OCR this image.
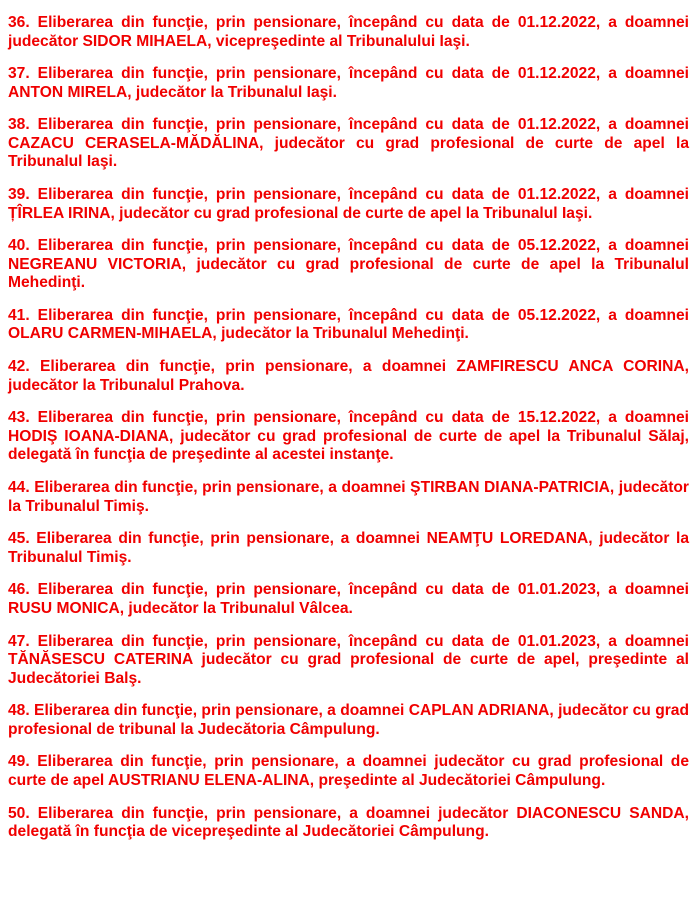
36. Eliberarea din funcţie, prin pensionare, începând cu data de 01.12.2022, a doamnei judecător SIDOR MIHAELA, vicepreşedinte al Tribunalului Iaşi.

37. Eliberarea din funcţie, prin pensionare, începând cu data de 01.12.2022, a doamnei ANTON MIRELA, judecător la Tribunalul Iaşi.

38. Eliberarea din funcţie, prin pensionare, începând cu data de 01.12.2022, a doamnei CAZACU CERASELA-MĂDĂLINA, judecător cu grad profesional de curte de apel la Tribunalul Iaşi.

39. Eliberarea din funcţie, prin pensionare, începând cu data de 01.12.2022, a doamnei ȚÎRLEA IRINA, judecător cu grad profesional de curte de apel la Tribunalul Iaşi.

40. Eliberarea din funcţie, prin pensionare, începând cu data de 05.12.2022, a doamnei NEGREANU VICTORIA, judecător cu grad profesional de curte de apel la Tribunalul Mehedinţi.

41. Eliberarea din funcţie, prin pensionare, începând cu data de 05.12.2022, a doamnei OLARU CARMEN-MIHAELA, judecător la Tribunalul Mehedinţi.

42. Eliberarea din funcţie, prin pensionare, a doamnei ZAMFIRESCU ANCA CORINA, judecător la Tribunalul Prahova.

43. Eliberarea din funcţie, prin pensionare, începând cu data de 15.12.2022, a doamnei HODIŞ IOANA-DIANA, judecător cu grad profesional de curte de apel la Tribunalul Sălaj, delegată în funcţia de preşedinte al acestei instanţe.

44. Eliberarea din funcţie, prin pensionare, a doamnei ŞTIRBAN DIANA-PATRICIA, judecător la Tribunalul Timiş.

45. Eliberarea din funcţie, prin pensionare, a doamnei NEAMŢU LOREDANA, judecător la Tribunalul Timiş.

46. Eliberarea din funcţie, prin pensionare, începând cu data de 01.01.2023, a doamnei RUSU MONICA, judecător la Tribunalul Vâlcea.

47. Eliberarea din funcţie, prin pensionare, începând cu data de 01.01.2023, a doamnei TĂNĂSESCU CATERINA judecător cu grad profesional de curte de apel, preşedinte al Judecătoriei Balş.

48. Eliberarea din funcţie, prin pensionare, a doamnei CAPLAN ADRIANA, judecător cu grad profesional de tribunal la Judecătoria Câmpulung.

49. Eliberarea din funcţie, prin pensionare, a doamnei judecător cu grad profesional de curte de apel AUSTRIANU ELENA-ALINA, preşedinte al Judecătoriei Câmpulung.

50. Eliberarea din funcţie, prin pensionare, a doamnei judecător DIACONESCU SANDA, delegată în funcţia de vicepreşedinte al Judecătoriei Câmpulung.
